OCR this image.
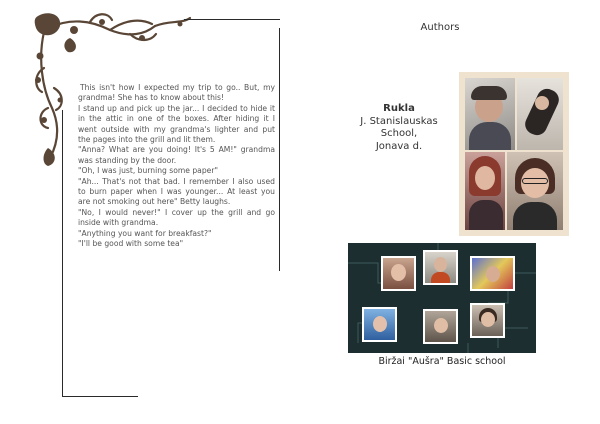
This isn't how I expected my trip to go.. But, my grandma! She has to know about this!

I stand up and pick up the jar... I decided to hide it in the attic in one of the boxes. After hiding it I went outside with my grandma's lighter and put the pages into the grill and lit them.

"Anna? What are you doing! It's 5 AM!" grandma was standing by the door.

"Oh, I was just, burning some paper"

"Ah... That's not that bad. I remember I also used to burn paper when I was younger... At least you are not smoking out here" Betty laughs.

"No, I would never!" I cover up the grill and go inside with grandma.

"Anything you want for breakfast?"

"I'll be good with some tea"

Authors
Rukla
J. Stanislauskas
School,
Jonava d.
Biržai "Aušra" Basic school
